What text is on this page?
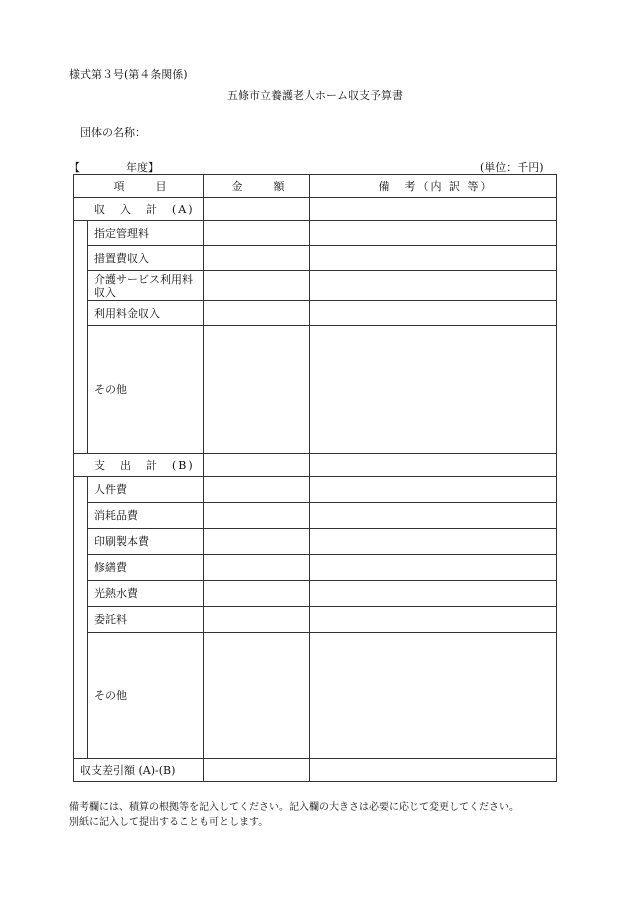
様式第３号(第４条関係)
五條市立養護老人ホーム収支予算書
団体の名称：
【	年度】	(単位：千円)
項　　目		金　　額	備　考（内 訳 等）
収　入　計　(A)			
	指定管理料		
	措置費収入		
	介護サービス利用料収入		
	利用料金収入		
	その他		
支　出　計　(B)			
	人件費		
	消耗品費		
	印刷製本費		
	修繕費		
	光熱水費		
	委託料		
	その他		
収支差引額 (A)-(B)			
備考欄には、積算の根拠等を記入してください。記入欄の大きさは必要に応じて変更してください。
別紙に記入して提出することも可とします。
